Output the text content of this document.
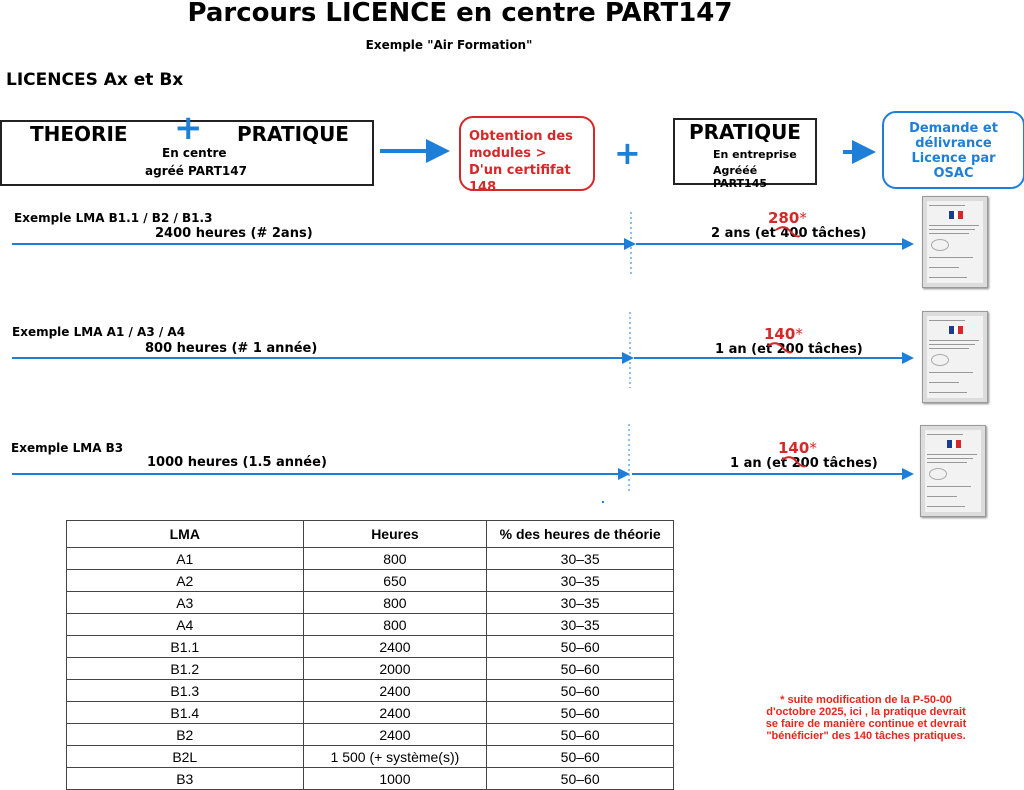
Parcours LICENCE en centre PART147
Exemple "Air Formation"
LICENCES Ax et Bx
THEORIE + PRATIQUE
En centre
agréé PART147
Obtention des
modules >
D'un certififat 148
+
PRATIQUE
En entreprise
Agrééé PART145
Demande et
délivrance
Licence par
OSAC
Exemple LMA B1.1 / B2 / B1.3
2400 heures (# 2ans)	2 ans (et 400 tâches)
280*
Exemple LMA A1 / A3 / A4
800 heures (# 1 année)	1 an (et 200 tâches)
140*
Exemple LMA B3
1000 heures (1.5 année)	1 an (et 200 tâches)
140*
LMA	Heures	% des heures de théorie
A1	800	30–35
A2	650	30–35
A3	800	30–35
A4	800	30–35
B1.1	2400	50–60
B1.2	2000	50–60
B1.3	2400	50–60
B1.4	2400	50–60
B2	2400	50–60
B2L	1 500 (+ système(s))	50–60
B3	1000	50–60
* suite modification de la P-50-00
d'octobre 2025, ici , la pratique devrait
se faire de manière continue et devrait
"bénéficier" des 140 tâches pratiques.
